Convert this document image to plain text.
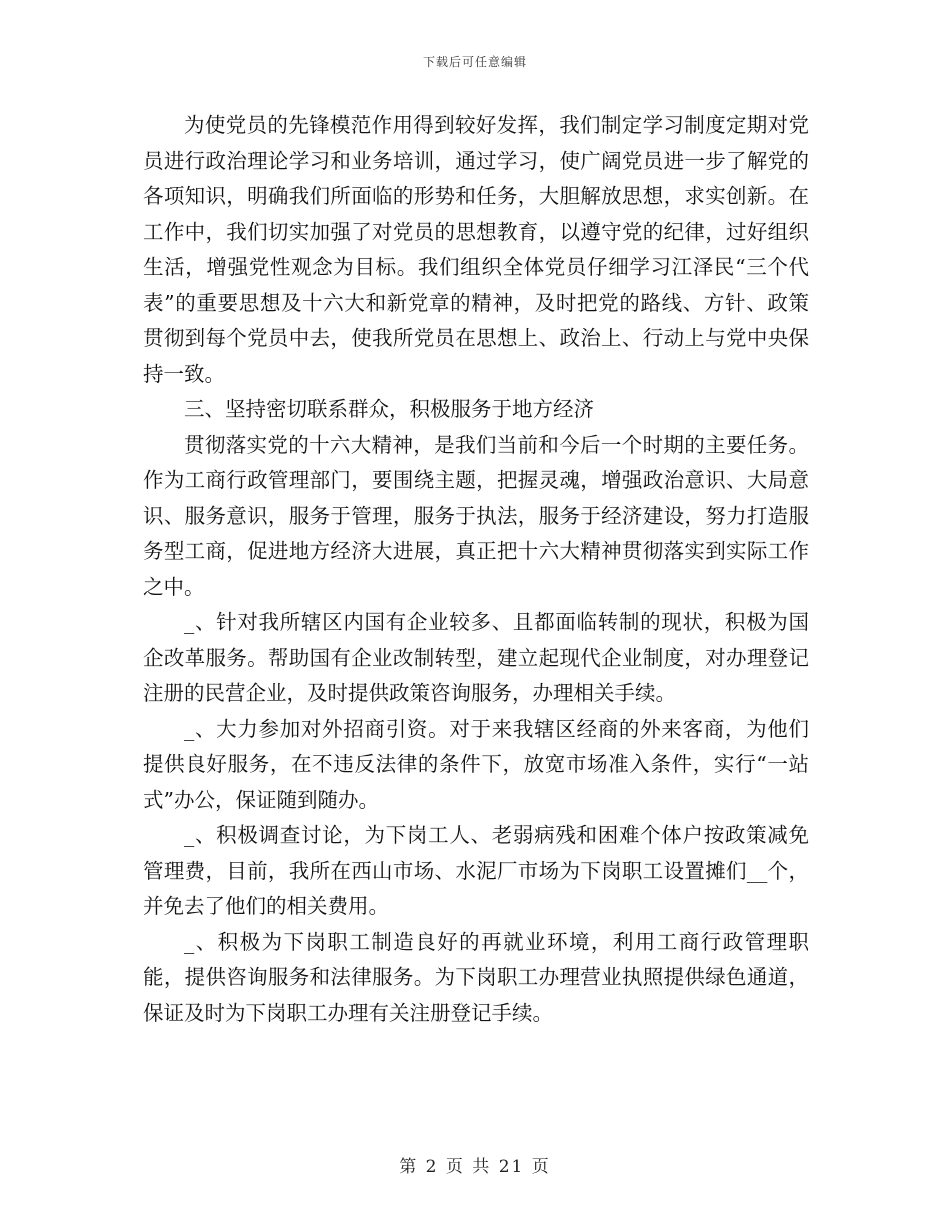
下载后可任意编辑

为使党员的先锋模范作用得到较好发挥，我们制定学习制度定期对党员进行政治理论学习和业务培训，通过学习，使广阔党员进一步了解党的各项知识，明确我们所面临的形势和任务，大胆解放思想，求实创新。在工作中，我们切实加强了对党员的思想教育，以遵守党的纪律，过好组织生活，增强党性观念为目标。我们组织全体党员仔细学习江泽民“三个代表”的重要思想及十六大和新党章的精神，及时把党的路线、方针、政策贯彻到每个党员中去，使我所党员在思想上、政治上、行动上与党中央保持一致。

三、坚持密切联系群众，积极服务于地方经济

贯彻落实党的十六大精神，是我们当前和今后一个时期的主要任务。作为工商行政管理部门，要围绕主题，把握灵魂，增强政治意识、大局意识、服务意识，服务于管理，服务于执法，服务于经济建设，努力打造服务型工商，促进地方经济大进展，真正把十六大精神贯彻落实到实际工作之中。

_、针对我所辖区内国有企业较多、且都面临转制的现状，积极为国企改革服务。帮助国有企业改制转型，建立起现代企业制度，对办理登记注册的民营企业，及时提供政策咨询服务，办理相关手续。

_、大力参加对外招商引资。对于来我辖区经商的外来客商，为他们提供良好服务，在不违反法律的条件下，放宽市场准入条件，实行“一站式”办公，保证随到随办。

_、积极调查讨论，为下岗工人、老弱病残和困难个体户按政策减免管理费，目前，我所在西山市场、水泥厂市场为下岗职工设置摊们__个，并免去了他们的相关费用。

_、积极为下岗职工制造良好的再就业环境，利用工商行政管理职能，提供咨询服务和法律服务。为下岗职工办理营业执照提供绿色通道，保证及时为下岗职工办理有关注册登记手续。

第 2 页 共 21 页
